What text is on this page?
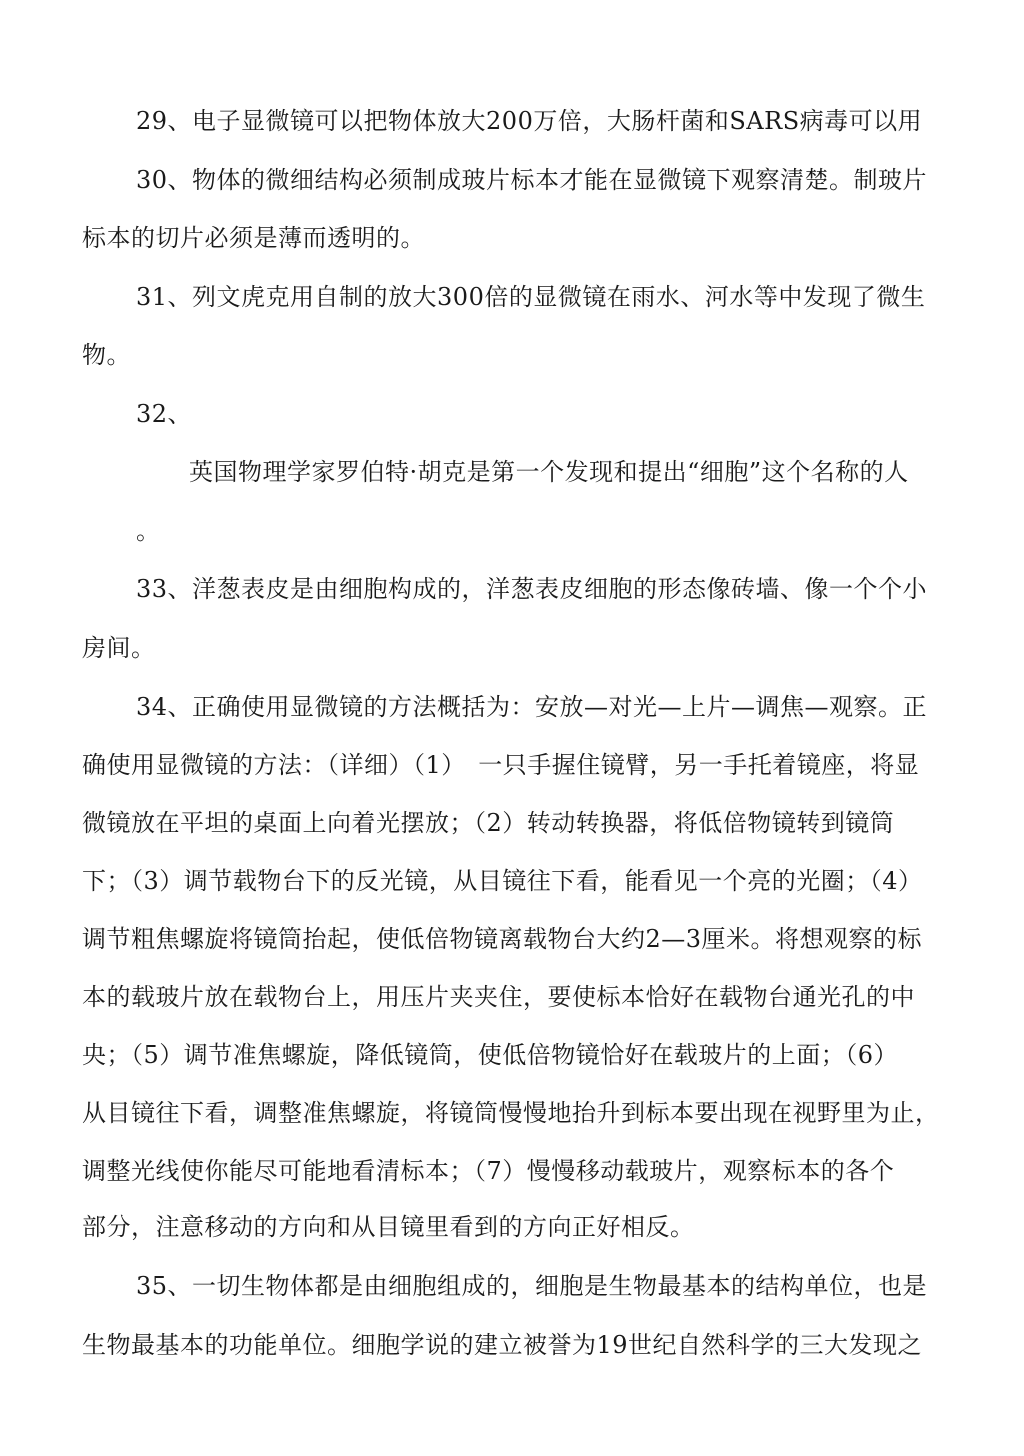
29、电子显微镜可以把物体放大200万倍，大肠杆菌和SARS病毒可以用
30、物体的微细结构必须制成玻片标本才能在显微镜下观察清楚。制玻片
标本的切片必须是薄而透明的。
31、列文虎克用自制的放大300倍的显微镜在雨水、河水等中发现了微生
物。
32、
英国物理学家罗伯特·胡克是第一个发现和提出“细胞”这个名称的人
。
33、洋葱表皮是由细胞构成的，洋葱表皮细胞的形态像砖墙、像一个个小
房间。
34、正确使用显微镜的方法概括为：安放—对光—上片—调焦—观察。正
确使用显微镜的方法：（详细）（1）　一只手握住镜臂，另一手托着镜座，将显
微镜放在平坦的桌面上向着光摆放；（2）转动转换器，将低倍物镜转到镜筒
下；（3）调节载物台下的反光镜，从目镜往下看，能看见一个亮的光圈；（4）
调节粗焦螺旋将镜筒抬起，使低倍物镜离载物台大约2—3厘米。将想观察的标
本的载玻片放在载物台上，用压片夹夹住，要使标本恰好在载物台通光孔的中
央；（5）调节准焦螺旋，降低镜筒，使低倍物镜恰好在载玻片的上面；（6）
从目镜往下看，调整准焦螺旋，将镜筒慢慢地抬升到标本要出现在视野里为止，
调整光线使你能尽可能地看清标本；（7）慢慢移动载玻片，观察标本的各个
部分，注意移动的方向和从目镜里看到的方向正好相反。
35、一切生物体都是由细胞组成的，细胞是生物最基本的结构单位，也是
生物最基本的功能单位。细胞学说的建立被誉为19世纪自然科学的三大发现之
